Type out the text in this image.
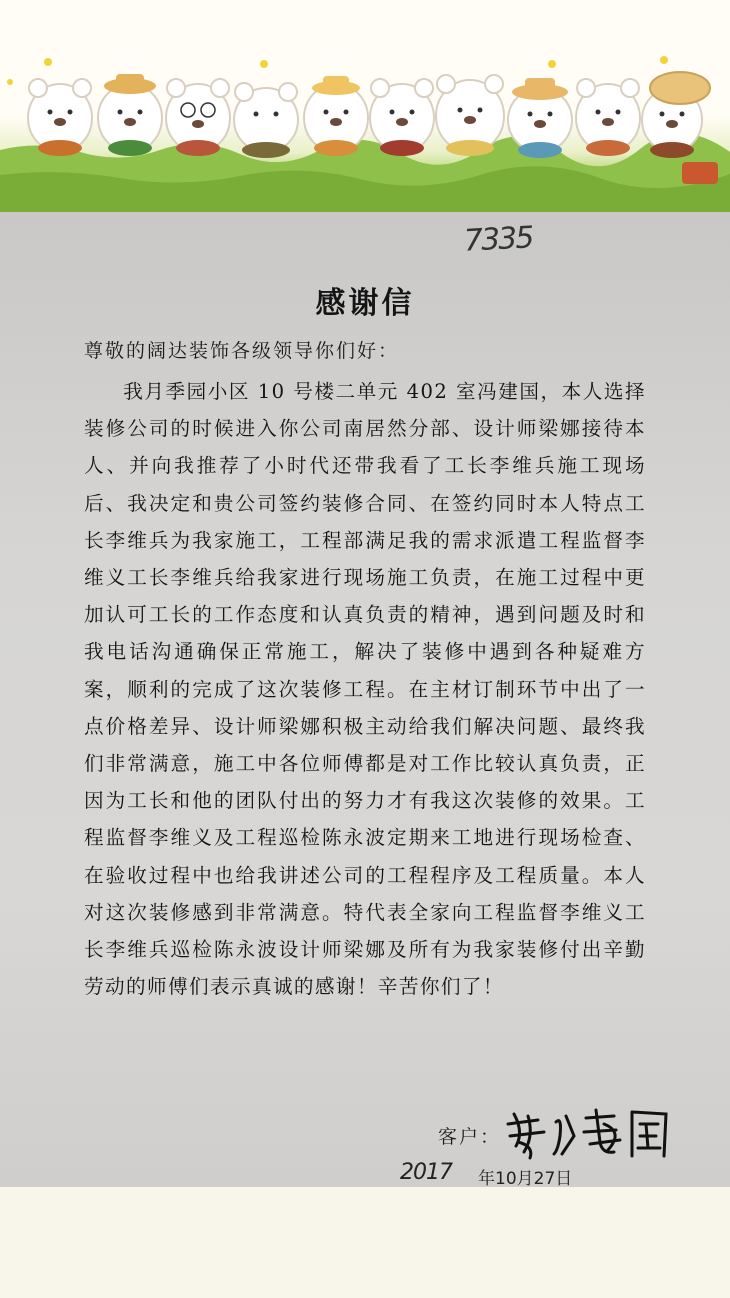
7335
感谢信
尊敬的阔达装饰各级领导你们好：
我月季园小区 10 号楼二单元 402 室冯建国，本人选择装修公司的时候进入你公司南居然分部、设计师梁娜接待本人、并向我推荐了小时代还带我看了工长李维兵施工现场后、我决定和贵公司签约装修合同、在签约同时本人特点工长李维兵为我家施工，工程部满足我的需求派遣工程监督李维义工长李维兵给我家进行现场施工负责，在施工过程中更加认可工长的工作态度和认真负责的精神，遇到问题及时和我电话沟通确保正常施工，解决了装修中遇到各种疑难方案，顺利的完成了这次装修工程。在主材订制环节中出了一点价格差异、设计师梁娜积极主动给我们解决问题、最终我们非常满意，施工中各位师傅都是对工作比较认真负责，正因为工长和他的团队付出的努力才有我这次装修的效果。工程监督李维义及工程巡检陈永波定期来工地进行现场检查、在验收过程中也给我讲述公司的工程程序及工程质量。本人对这次装修感到非常满意。特代表全家向工程监督李维义工长李维兵巡检陈永波设计师梁娜及所有为我家装修付出辛勤劳动的师傅们表示真诚的感谢！辛苦你们了！
客户：
2017 年10月27日
